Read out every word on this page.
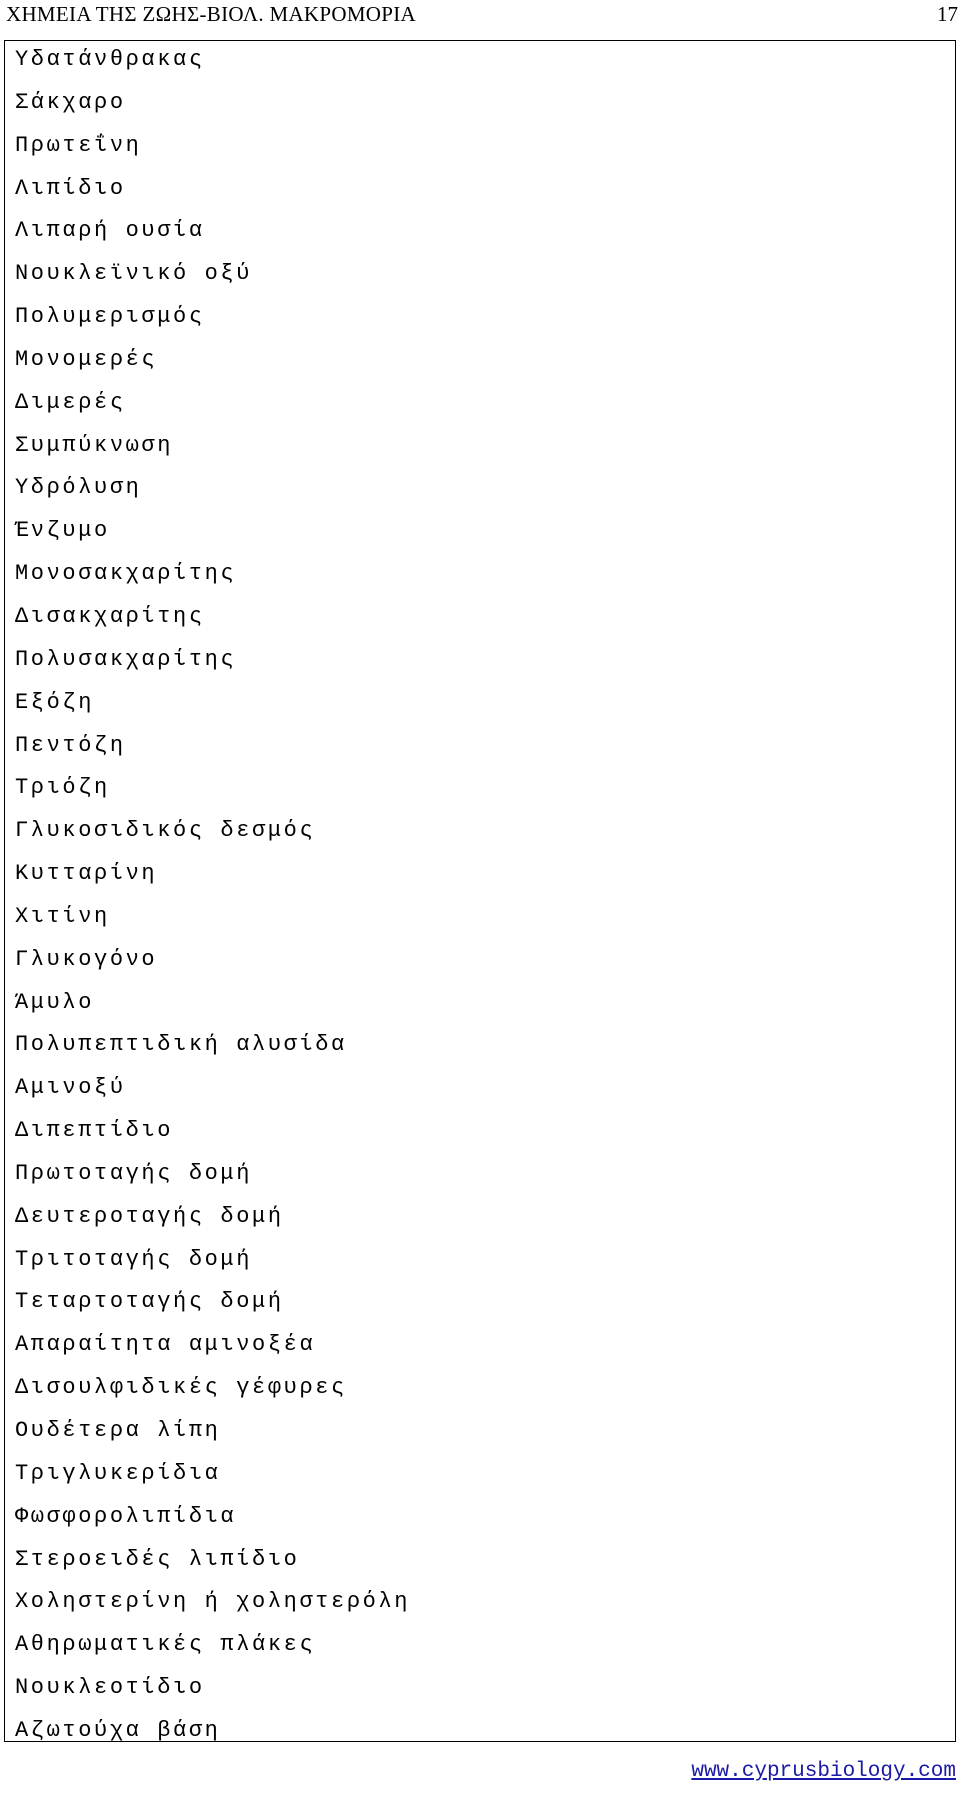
ΧΗΜΕΙΑ ΤΗΣ ΖΩΗΣ-ΒΙΟΛ. ΜΑΚΡΟΜΟΡΙΑ	17
Υδατάνθρακας
Σάκχαρο
Πρωτεΐνη
Λιπίδιο
Λιπαρή ουσία
Νουκλεϊνικό οξύ
Πολυμερισμός
Μονομερές
Διμερές
Συμπύκνωση
Υδρόλυση
Ένζυμο
Μονοσακχαρίτης
Δισακχαρίτης
Πολυσακχαρίτης
Εξόζη
Πεντόζη
Τριόζη
Γλυκοσιδικός δεσμός
Κυτταρίνη
Χιτίνη
Γλυκογόνο
Άμυλο
Πολυπεπτιδική αλυσίδα
Αμινοξύ
Διπεπτίδιο
Πρωτοταγής δομή
Δευτεροταγής δομή
Τριτοταγής δομή
Τεταρτοταγής δομή
Απαραίτητα αμινοξέα
Δισουλφιδικές γέφυρες
Ουδέτερα λίπη
Τριγλυκερίδια
Φωσφορολιπίδια
Στεροειδές λιπίδιο
Χοληστερίνη ή χοληστερόλη
Αθηρωματικές πλάκες
Νουκλεοτίδιο
Αζωτούχα βάση
www.cyprusbiology.com
